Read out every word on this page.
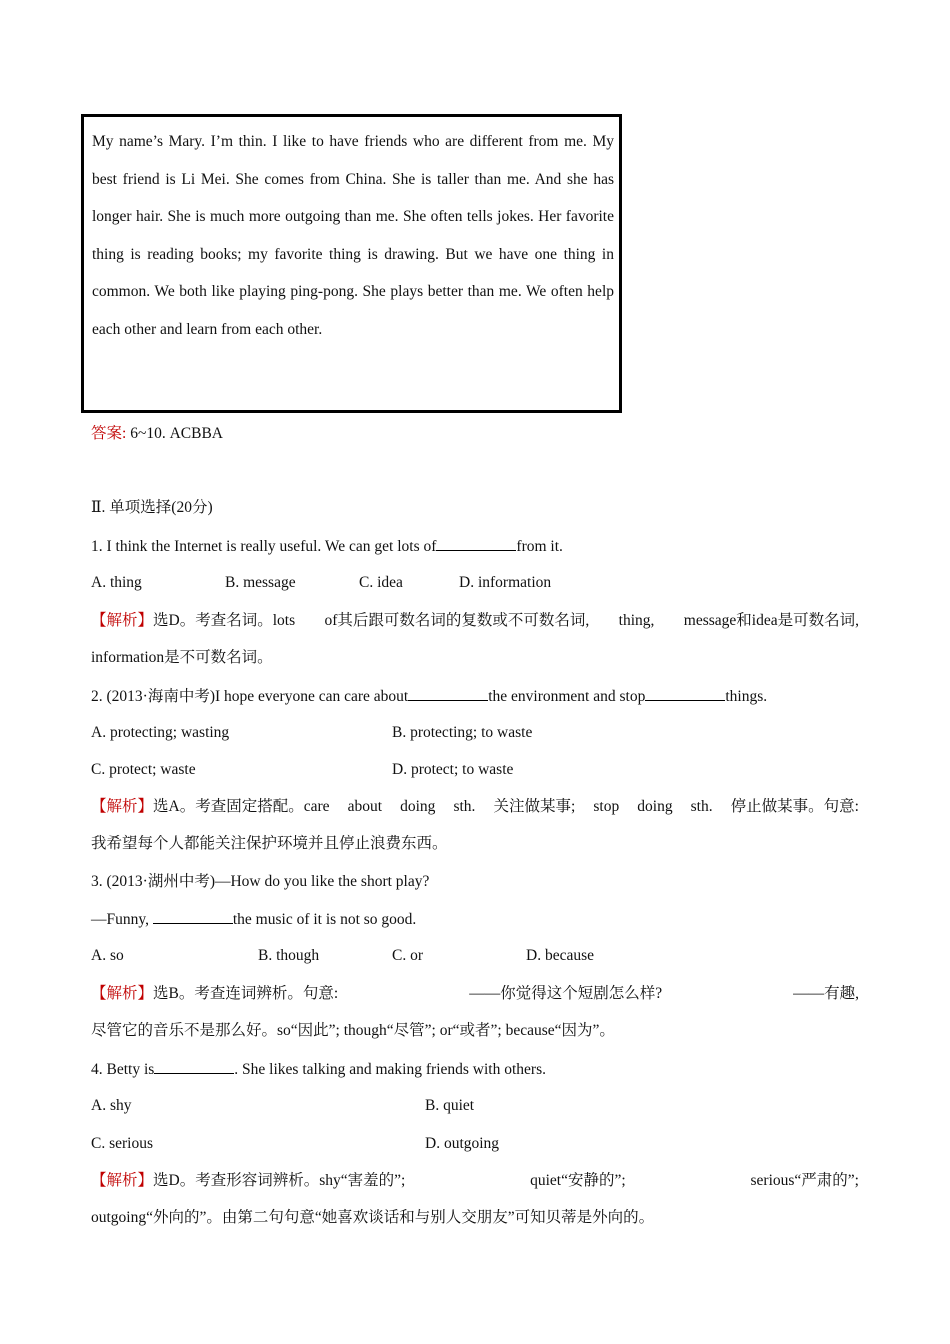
My name’s Mary. I’m thin. I like to have friends who are different from me. My best friend is Li Mei. She comes from China. She is taller than me. And she has longer hair. She is much more outgoing than me. She often tells jokes. Her favorite thing is reading books; my favorite thing is drawing. But we have one thing in common. We both like playing ping-pong. She plays better than me. We often help each other and learn from each other.

答案: 6~10. ACBBA
Ⅱ. 单项选择(20分)
1. I think the Internet is really useful. We can get lots of	from it.
A. thing	B. message	C. idea	D. information
【解析】选D。考查名词。lots of其后跟可数名词的复数或不可数名词, thing, message和idea是可数名词,
information是不可数名词。
2. (2013·海南中考)I hope everyone can care about	the environment and stop	things.
A. protecting; wasting	B. protecting; to waste
C. protect; waste	D. protect; to waste
【解析】选A。考查固定搭配。care about doing sth. 关注做某事; stop doing sth. 停止做某事。句意:
我希望每个人都能关注保护环境并且停止浪费东西。
3. (2013·湖州中考)—How do you like the short play?
—Funny,	the music of it is not so good.
A. so	B. though	C. or	D. because
【解析】选B。考查连词辨析。句意:	——你觉得这个短剧怎么样?	——有趣,
尽管它的音乐不是那么好。so“因此”; though“尽管”; or“或者”; because“因为”。
4. Betty is	. She likes talking and making friends with others.
A. shy	B. quiet
C. serious	D. outgoing
【解析】选D。考查形容词辨析。shy“害羞的”;	quiet“安静的”;	serious“严肃的”;
outgoing“外向的”。由第二句句意“她喜欢谈话和与别人交朋友”可知贝蒂是外向的。
